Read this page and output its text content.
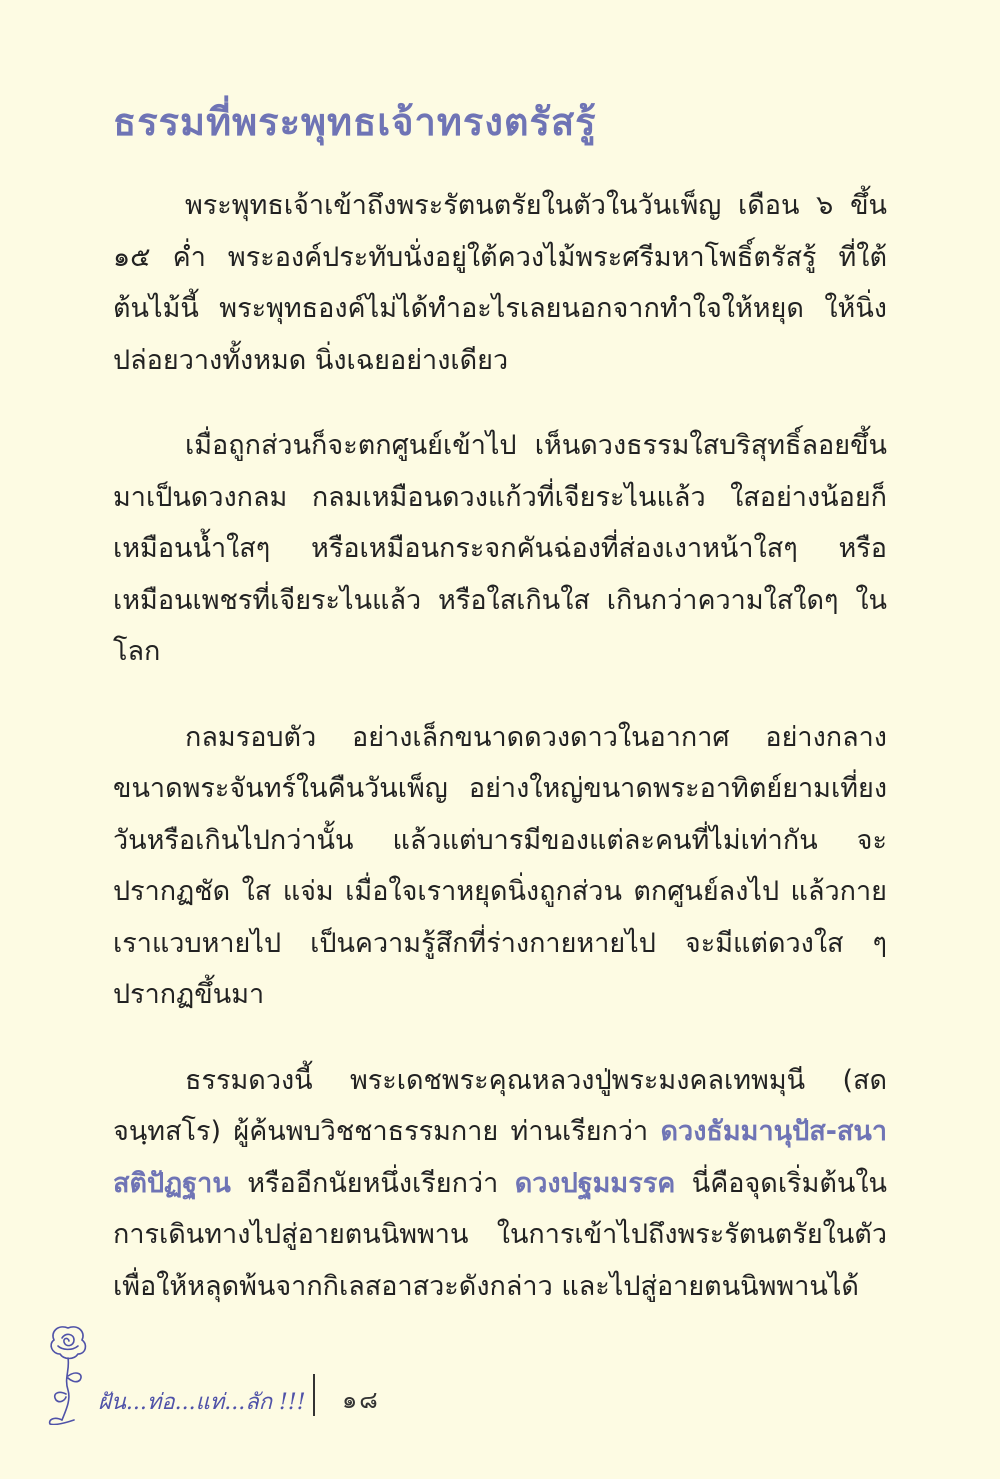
ธรรมที่พระพุทธเจ้าทรงตรัสรู้

พระพุทธเจ้าเข้าถึงพระรัตนตรัยในตัวในวันเพ็ญ เดือน ๖ ขึ้น ๑๕ ค่ำ พระองค์ประทับนั่งอยู่ใต้ควงไม้พระศรีมหาโพธิ์ตรัสรู้ ที่ใต้ต้นไม้นี้ พระพุทธองค์ไม่ได้ทำอะไรเลยนอกจากทำใจให้หยุด ให้นิ่ง ปล่อยวางทั้งหมด นิ่งเฉยอย่างเดียว

เมื่อถูกส่วนก็จะตกศูนย์เข้าไป เห็นดวงธรรมใสบริสุทธิ์ลอยขึ้นมาเป็นดวงกลม กลมเหมือนดวงแก้วที่เจียระไนแล้ว ใสอย่างน้อยก็เหมือนน้ำใสๆ หรือเหมือนกระจกคันฉ่องที่ส่องเงาหน้าใสๆ หรือเหมือนเพชรที่เจียระไนแล้ว หรือใสเกินใส เกินกว่าความใสใดๆ ในโลก

กลมรอบตัว อย่างเล็กขนาดดวงดาวในอากาศ อย่างกลางขนาดพระจันทร์ในคืนวันเพ็ญ อย่างใหญ่ขนาดพระอาทิตย์ยามเที่ยงวันหรือเกินไปกว่านั้น แล้วแต่บารมีของแต่ละคนที่ไม่เท่ากัน จะปรากฏชัด ใส แจ่ม เมื่อใจเราหยุดนิ่งถูกส่วน ตกศูนย์ลงไป แล้วกายเราแวบหายไป เป็นความรู้สึกที่ร่างกายหายไป จะมีแต่ดวงใส ๆ ปรากฏขึ้นมา

ธรรมดวงนี้ พระเดชพระคุณหลวงปู่พระมงคลเทพมุนี (สด จนฺทสโร) ผู้ค้นพบวิชชาธรรมกาย ท่านเรียกว่า ดวงธัมมานุปัส-สนาสติปัฏฐาน หรืออีกนัยหนึ่งเรียกว่า ดวงปฐมมรรค นี่คือจุดเริ่มต้นในการเดินทางไปสู่อายตนนิพพาน ในการเข้าไปถึงพระรัตนตรัยในตัว เพื่อให้หลุดพ้นจากกิเลสอาสวะดังกล่าว และไปสู่อายตนนิพพานได้

ฝัน...ท่อ...แท่...ลัก !!! ๑๘
